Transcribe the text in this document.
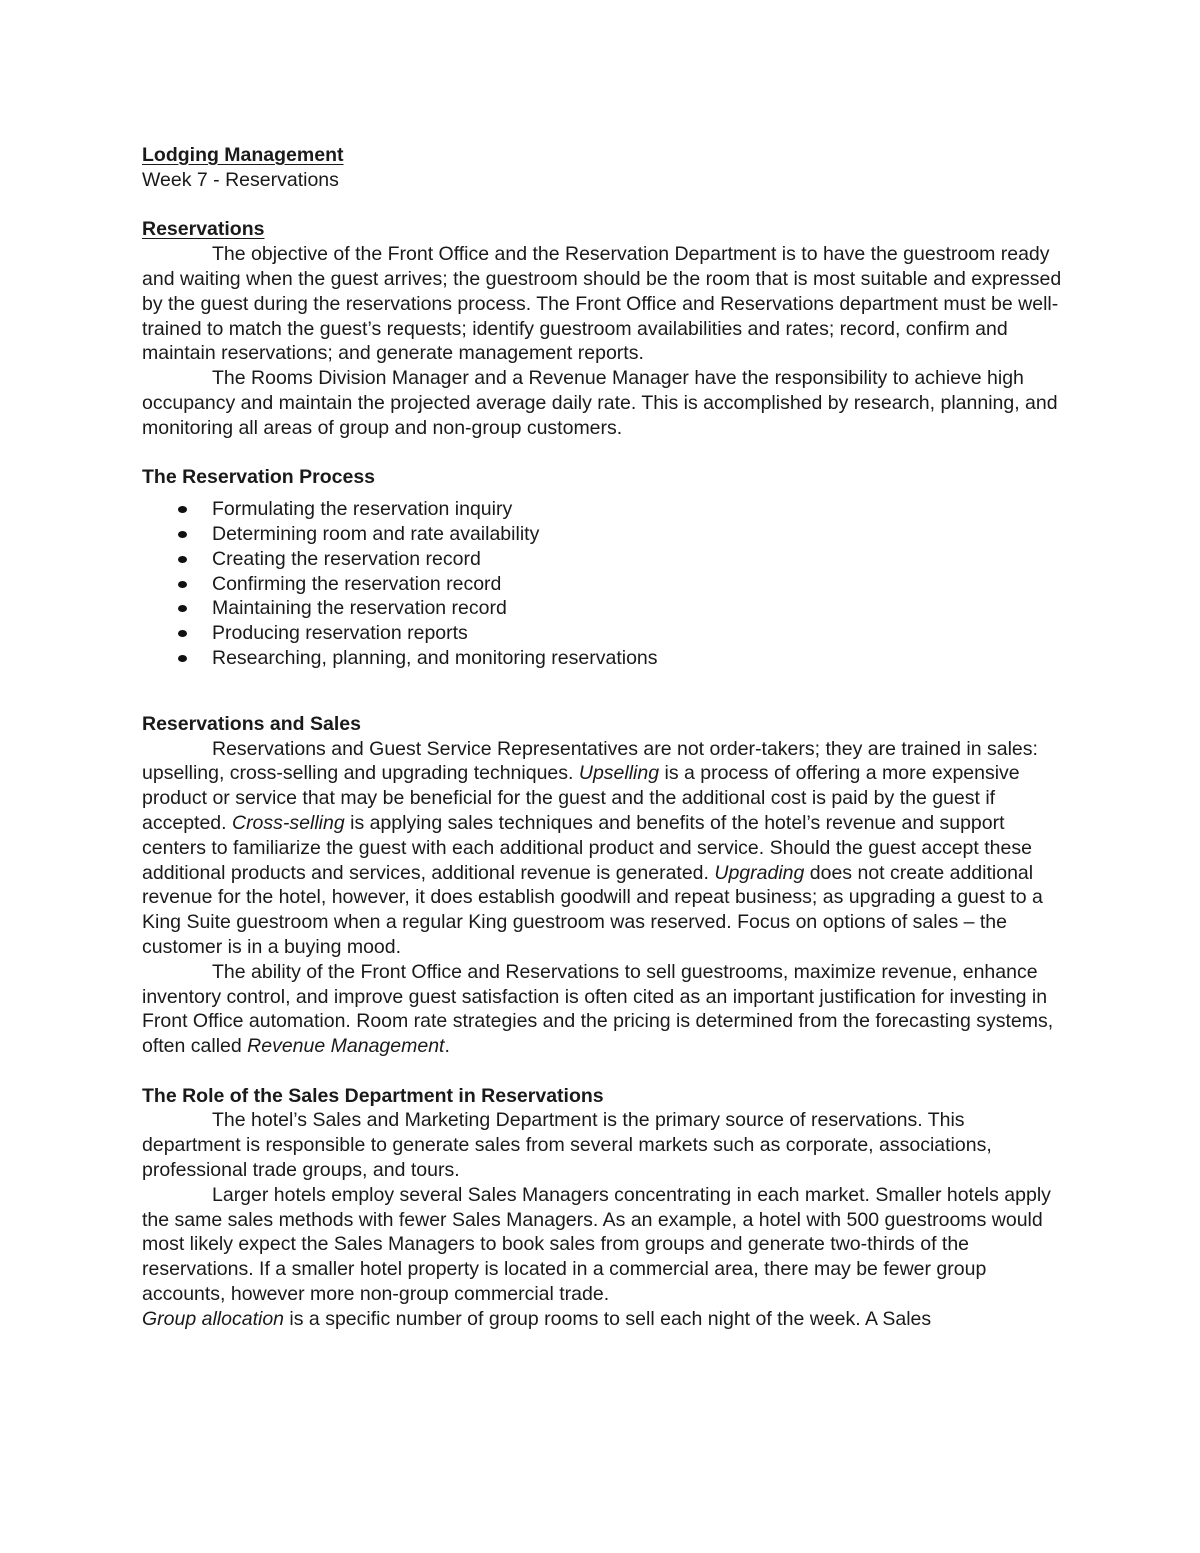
Lodging Management

Week 7 - Reservations

Reservations

The objective of the Front Office and the Reservation Department is to have the guestroom ready and waiting when the guest arrives; the guestroom should be the room that is most suitable and expressed by the guest during the reservations process. The Front Office and Reservations department must be well-trained to match the guest’s requests; identify guestroom availabilities and rates; record, confirm and maintain reservations; and generate management reports.

The Rooms Division Manager and a Revenue Manager have the responsibility to achieve high occupancy and maintain the projected average daily rate. This is accomplished by research, planning, and monitoring all areas of group and non-group customers.

The Reservation Process

Formulating the reservation inquiry
Determining room and rate availability
Creating the reservation record
Confirming the reservation record
Maintaining the reservation record
Producing reservation reports
Researching, planning, and monitoring reservations

Reservations and Sales

Reservations and Guest Service Representatives are not order-takers; they are trained in sales: upselling, cross-selling and upgrading techniques. Upselling is a process of offering a more expensive product or service that may be beneficial for the guest and the additional cost is paid by the guest if accepted. Cross-selling is applying sales techniques and benefits of the hotel’s revenue and support centers to familiarize the guest with each additional product and service. Should the guest accept these additional products and services, additional revenue is generated. Upgrading does not create additional revenue for the hotel, however, it does establish goodwill and repeat business; as upgrading a guest to a King Suite guestroom when a regular King guestroom was reserved. Focus on options of sales – the customer is in a buying mood.

The ability of the Front Office and Reservations to sell guestrooms, maximize revenue, enhance inventory control, and improve guest satisfaction is often cited as an important justification for investing in Front Office automation. Room rate strategies and the pricing is determined from the forecasting systems, often called Revenue Management.

The Role of the Sales Department in Reservations

The hotel’s Sales and Marketing Department is the primary source of reservations. This department is responsible to generate sales from several markets such as corporate, associations, professional trade groups, and tours.

Larger hotels employ several Sales Managers concentrating in each market. Smaller hotels apply the same sales methods with fewer Sales Managers. As an example, a hotel with 500 guestrooms would most likely expect the Sales Managers to book sales from groups and generate two-thirds of the reservations. If a smaller hotel property is located in a commercial area, there may be fewer group accounts, however more non-group commercial trade.

Group allocation is a specific number of group rooms to sell each night of the week. A Sales
